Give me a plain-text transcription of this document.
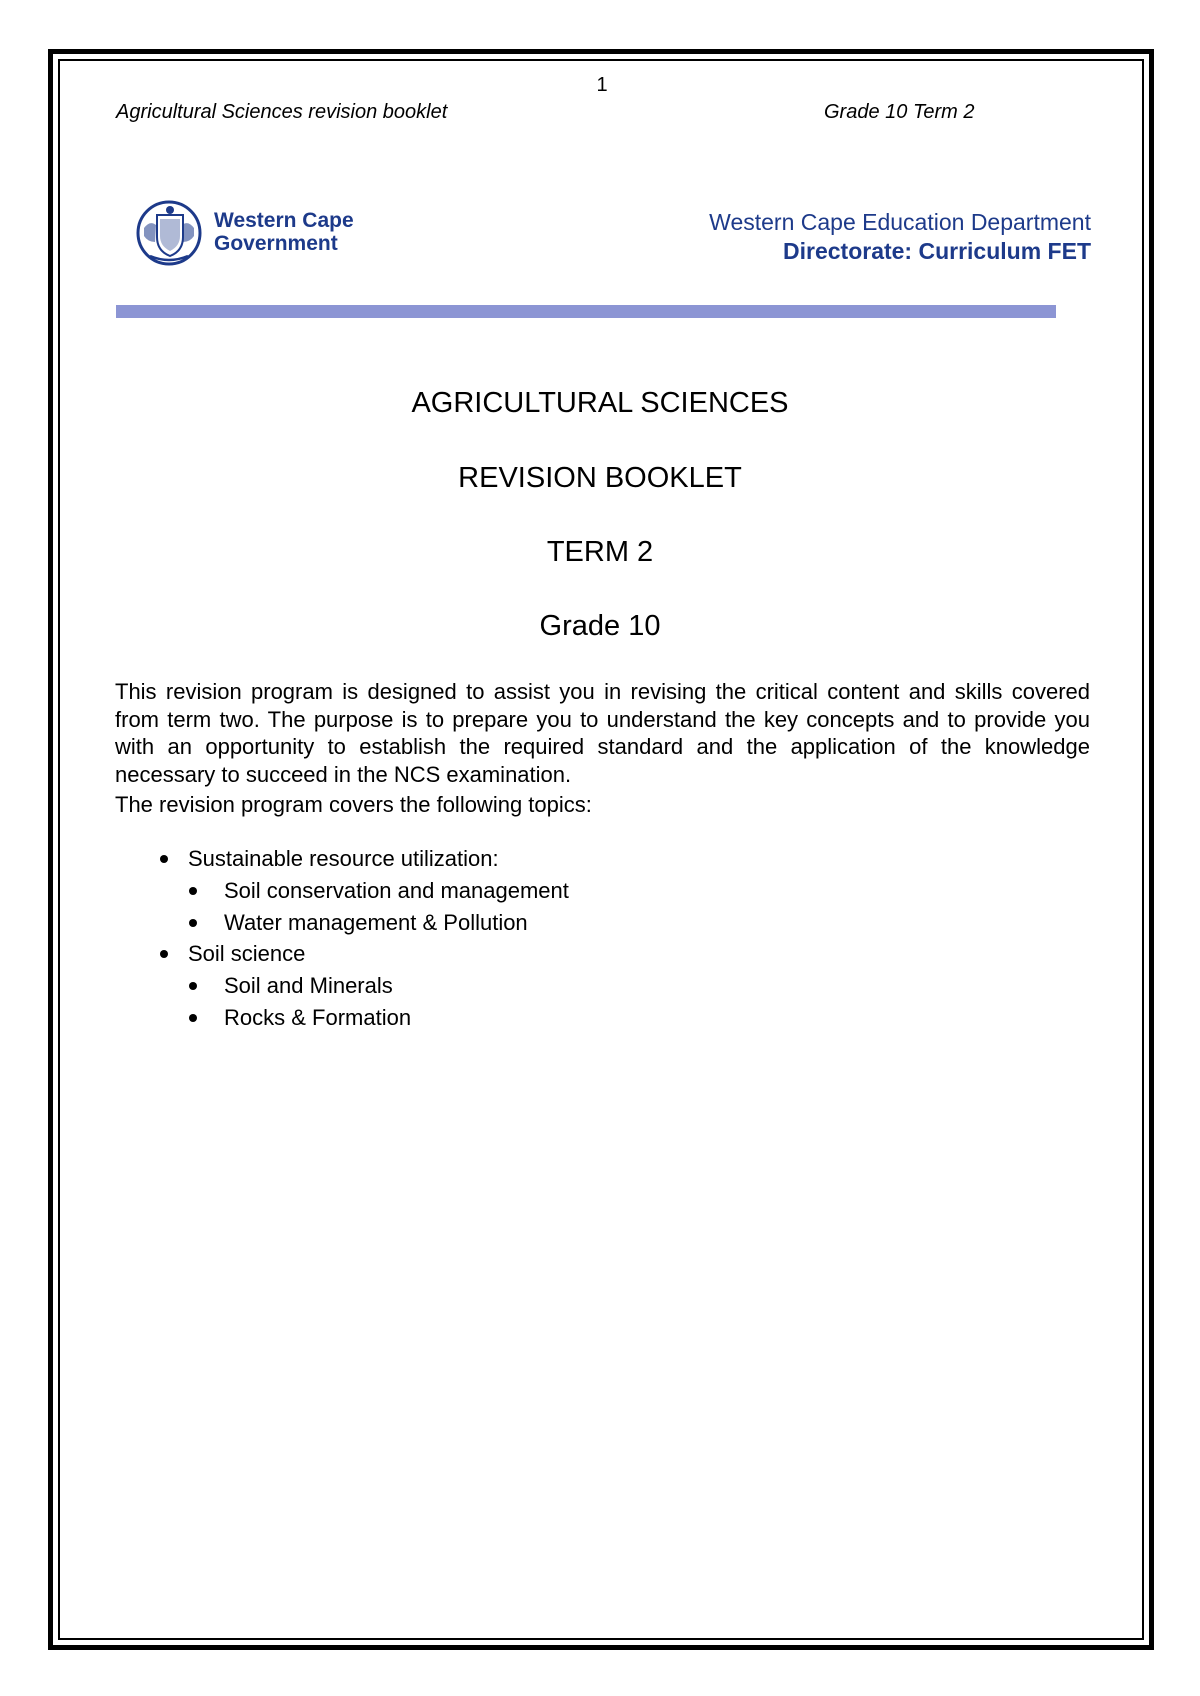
1
Agricultural Sciences revision booklet	Grade 10 Term 2
Western Cape
Government
Western Cape Education Department
Directorate: Curriculum FET
AGRICULTURAL SCIENCES
REVISION BOOKLET
TERM 2
Grade 10

This revision program is designed to assist you in revising the critical content and skills covered from term two. The purpose is to prepare you to understand the key concepts and to provide you with an opportunity to establish the required standard and the application of the knowledge necessary to succeed in the NCS examination.

The revision program covers the following topics:
Sustainable resource utilization:
Soil conservation and management
Water management & Pollution
Soil science
Soil and Minerals
Rocks & Formation
